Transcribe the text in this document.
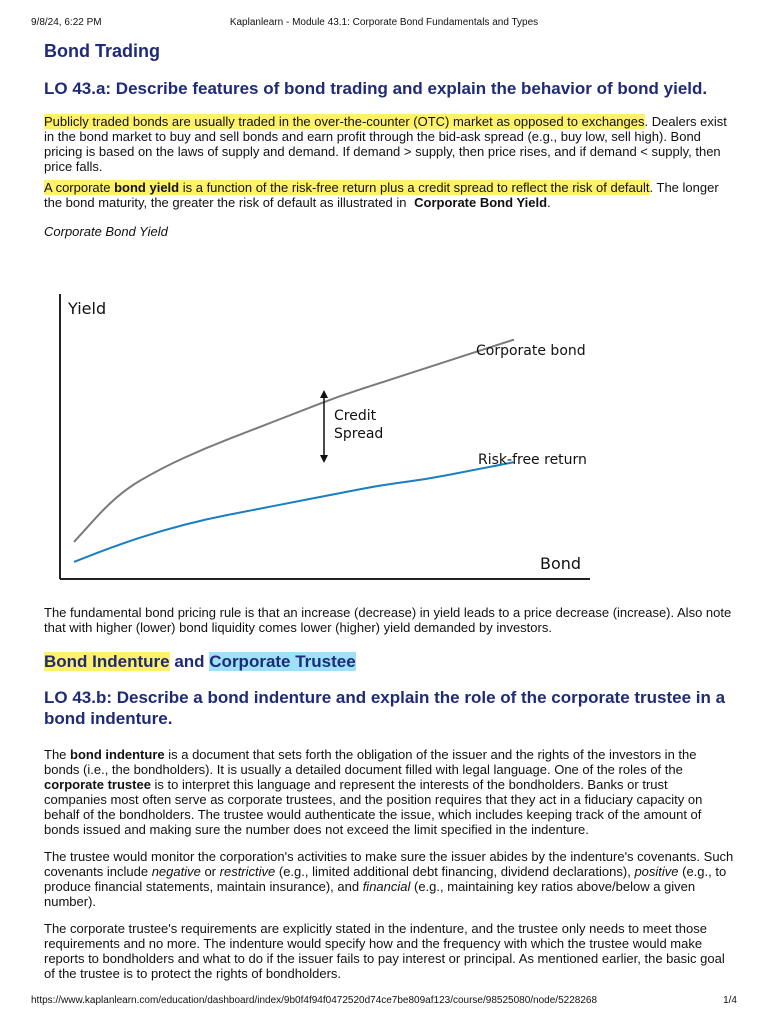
9/8/24, 6:22 PM	Kaplanlearn - Module 43.1: Corporate Bond Fundamentals and Types
Bond Trading
LO 43.a: Describe features of bond trading and explain the behavior of bond yield.

Publicly traded bonds are usually traded in the over-the-counter (OTC) market as opposed to exchanges. Dealers exist in the bond market to buy and sell bonds and earn profit through the bid-ask spread (e.g., buy low, sell high). Bond pricing is based on the laws of supply and demand. If demand > supply, then price rises, and if demand < supply, then price falls.

A corporate bond yield is a function of the risk-free return plus a credit spread to reflect the risk of default. The longer the bond maturity, the greater the risk of default as illustrated in Corporate Bond Yield.

Corporate Bond Yield

Yield
Bond
Credit
Spread
Corporate bond
Risk-free return

The fundamental bond pricing rule is that an increase (decrease) in yield leads to a price decrease (increase). Also note that with higher (lower) bond liquidity comes lower (higher) yield demanded by investors.

Bond Indenture and Corporate Trustee
LO 43.b: Describe a bond indenture and explain the role of the corporate trustee in a bond indenture.

The bond indenture is a document that sets forth the obligation of the issuer and the rights of the investors in the bonds (i.e., the bondholders). It is usually a detailed document filled with legal language. One of the roles of the corporate trustee is to interpret this language and represent the interests of the bondholders. Banks or trust companies most often serve as corporate trustees, and the position requires that they act in a fiduciary capacity on behalf of the bondholders. The trustee would authenticate the issue, which includes keeping track of the amount of bonds issued and making sure the number does not exceed the limit specified in the indenture.

The trustee would monitor the corporation's activities to make sure the issuer abides by the indenture's covenants. Such covenants include negative or restrictive (e.g., limited additional debt financing, dividend declarations), positive (e.g., to produce financial statements, maintain insurance), and financial (e.g., maintaining key ratios above/below a given number).

The corporate trustee's requirements are explicitly stated in the indenture, and the trustee only needs to meet those requirements and no more. The indenture would specify how and the frequency with which the trustee would make reports to bondholders and what to do if the issuer fails to pay interest or principal. As mentioned earlier, the basic goal of the trustee is to protect the rights of bondholders.

https://www.kaplanlearn.com/education/dashboard/index/9b0f4f94f0472520d74ce7be809af123/course/98525080/node/5228268	1/4
